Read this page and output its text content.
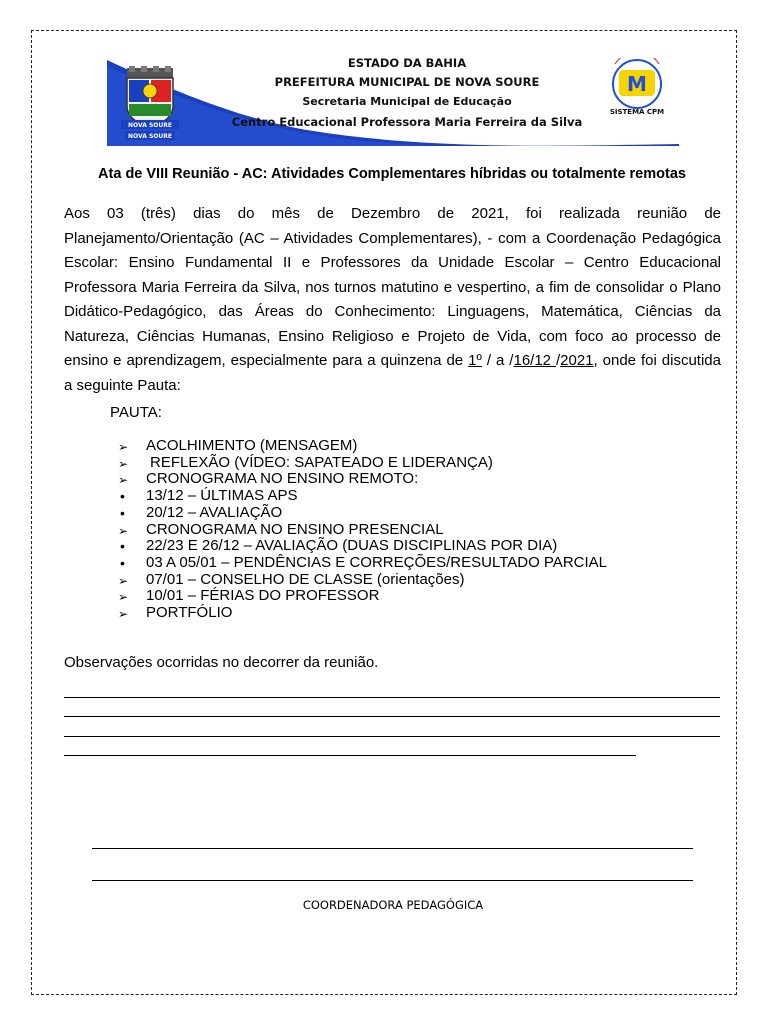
NOVA SOURE
NOVA SOURE
ESTADO DA BAHIA
PREFEITURA MUNICIPAL DE NOVA SOURE
Secretaria Municipal de Educação
Centro Educacional Professora Maria Ferreira da Silva
M
SISTEMA CPM
Ata de VIII Reunião - AC: Atividades Complementares híbridas ou totalmente remotas
Aos 03 (três) dias do mês de Dezembro de 2021, foi realizada reunião de Planejamento/Orientação (AC – Atividades Complementares), - com a Coordenação Pedagógica Escolar: Ensino Fundamental II e Professores da Unidade Escolar – Centro Educacional Professora Maria Ferreira da Silva, nos turnos matutino e vespertino, a fim de consolidar o Plano Didático-Pedagógico, das Áreas do Conhecimento: Linguagens, Matemática, Ciências da Natureza, Ciências Humanas, Ensino Religioso e Projeto de Vida, com foco ao processo de ensino e aprendizagem, especialmente para a quinzena de 1º / a /16/12 /2021, onde foi discutida a seguinte Pauta:
PAUTA:
➢	ACOLHIMENTO (MENSAGEM)
➢	REFLEXÃO (VÍDEO: SAPATEADO E LIDERANÇA)
➢	CRONOGRAMA NO ENSINO REMOTO:
•	13/12 – ÚLTIMAS APS
•	20/12 – AVALIAÇÃO
➢	CRONOGRAMA NO ENSINO PRESENCIAL
•	22/23 E 26/12 – AVALIAÇÃO (DUAS DISCIPLINAS POR DIA)
•	03 A 05/01 – PENDÊNCIAS E CORREÇÕES/RESULTADO PARCIAL
➢	07/01 – CONSELHO DE CLASSE (orientações)
➢	10/01 – FÉRIAS DO PROFESSOR
➢	PORTFÓLIO
Observações ocorridas no decorrer da reunião.
COORDENADORA PEDAGÓGICA
